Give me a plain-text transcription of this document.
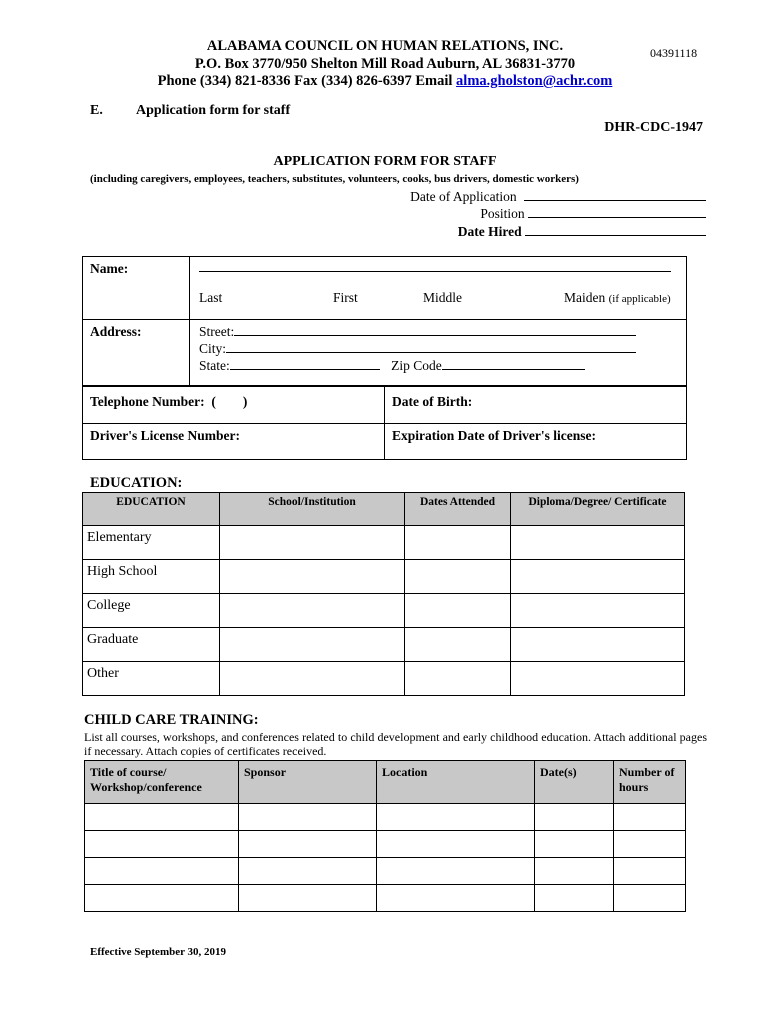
ALABAMA COUNCIL ON HUMAN RELATIONS, INC.
P.O. Box 3770/950 Shelton Mill Road Auburn, AL 36831-3770
Phone (334) 821-8336 Fax (334) 826-6397 Email alma.gholston@achr.com
04391118
E. Application form for staff
DHR-CDC-1947
APPLICATION FORM FOR STAFF
(including caregivers, employees, teachers, substitutes, volunteers, cooks, bus drivers, domestic workers)
Date of Application
Position
Date Hired
Name:
Last	First	Middle	Maiden (if applicable)
Address:	Street:
City:
State:	Zip Code
Telephone Number:  (        )	Date of Birth:
Driver's License Number:	Expiration Date of Driver's license:
EDUCATION:
EDUCATION	School/Institution	Dates Attended	Diploma/Degree/ Certificate
Elementary			
High School			
College			
Graduate			
Other			
CHILD CARE TRAINING:
List all courses, workshops, and conferences related to child development and early childhood education. Attach additional pages if necessary. Attach copies of certificates received.
Title of course/ Workshop/conference	Sponsor	Location	Date(s)	Number of hours

Effective September 30, 2019
